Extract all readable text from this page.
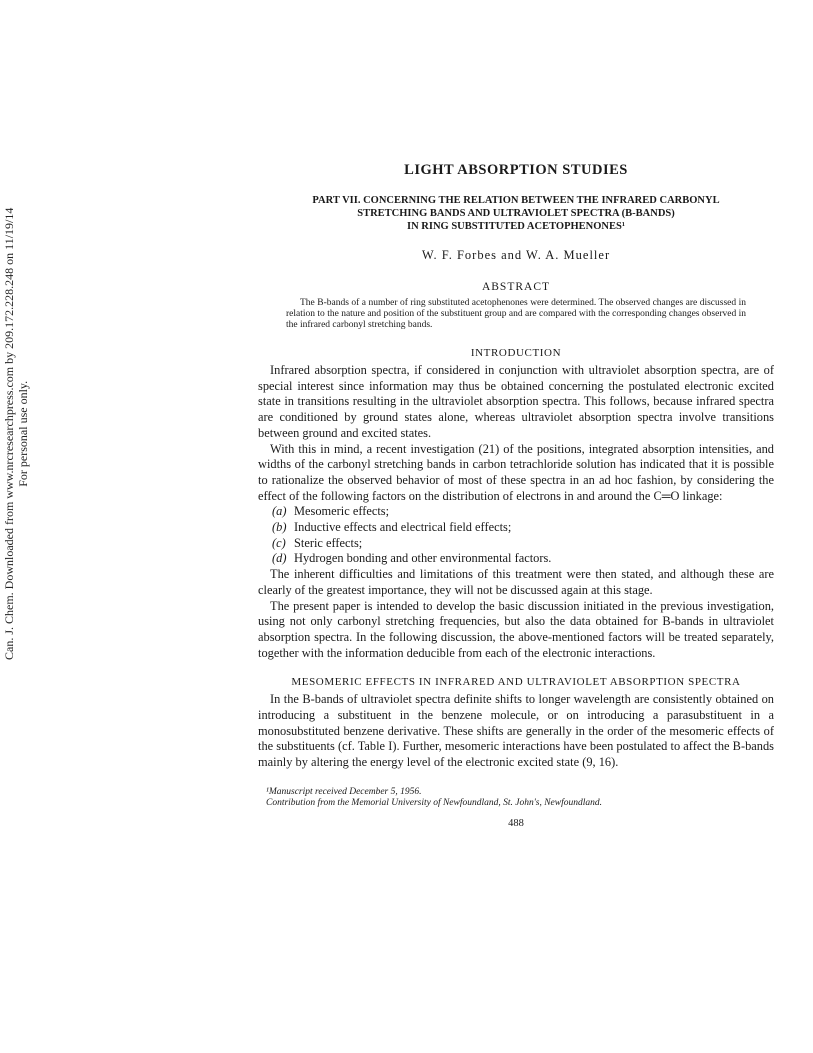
Can. J. Chem. Downloaded from www.nrcresearchpress.com by 209.172.228.248 on 11/19/14 For personal use only.
LIGHT ABSORPTION STUDIES
PART VII. CONCERNING THE RELATION BETWEEN THE INFRARED CARBONYL
STRETCHING BANDS AND ULTRAVIOLET SPECTRA (B-BANDS)
IN RING SUBSTITUTED ACETOPHENONES¹
W. F. Forbes and W. A. Mueller
ABSTRACT

The B-bands of a number of ring substituted acetophenones were determined. The observed changes are discussed in relation to the nature and position of the substituent group and are compared with the corresponding changes observed in the infrared carbonyl stretching bands.

INTRODUCTION

Infrared absorption spectra, if considered in conjunction with ultraviolet absorption spectra, are of special interest since information may thus be obtained concerning the postulated electronic excited state in transitions resulting in the ultraviolet absorption spectra. This follows, because infrared spectra are conditioned by ground states alone, whereas ultraviolet absorption spectra involve transitions between ground and excited states.

With this in mind, a recent investigation (21) of the positions, integrated absorption intensities, and widths of the carbonyl stretching bands in carbon tetrachloride solution has indicated that it is possible to rationalize the observed behavior of most of these spectra in an ad hoc fashion, by considering the effect of the following factors on the distribution of electrons in and around the C═O linkage:

(a) Mesomeric effects;
(b) Inductive effects and electrical field effects;
(c) Steric effects;
(d) Hydrogen bonding and other environmental factors.

The inherent difficulties and limitations of this treatment were then stated, and although these are clearly of the greatest importance, they will not be discussed again at this stage.

The present paper is intended to develop the basic discussion initiated in the previous investigation, using not only carbonyl stretching frequencies, but also the data obtained for B-bands in ultraviolet absorption spectra. In the following discussion, the above-mentioned factors will be treated separately, together with the information deducible from each of the electronic interactions.

MESOMERIC EFFECTS IN INFRARED AND ULTRAVIOLET ABSORPTION SPECTRA

In the B-bands of ultraviolet spectra definite shifts to longer wavelength are consistently obtained on introducing a substituent in the benzene molecule, or on introducing a parasubstituent in a monosubstituted benzene derivative. These shifts are generally in the order of the mesomeric effects of the substituents (cf. Table I). Further, mesomeric interactions have been postulated to affect the B-bands mainly by altering the energy level of the electronic excited state (9, 16).

¹Manuscript received December 5, 1956.
Contribution from the Memorial University of Newfoundland, St. John's, Newfoundland.
488
